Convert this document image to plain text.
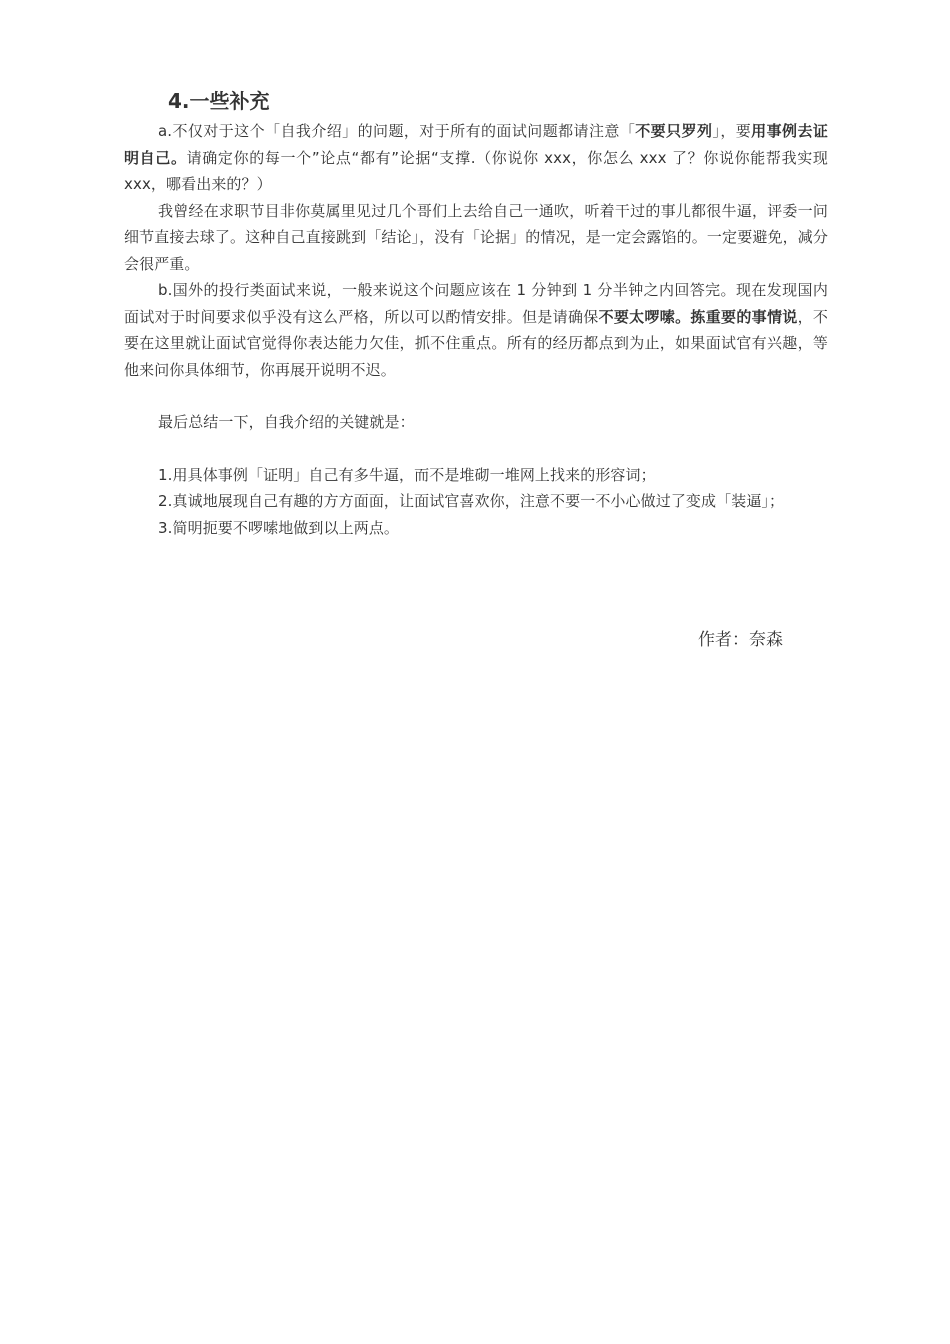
4.一些补充

a.不仅对于这个「自我介绍」的问题，对于所有的面试问题都请注意「不要只罗列」，要用事例去证明自己。请确定你的每一个”论点“都有”论据“支撑.（你说你 xxx，你怎么 xxx 了？你说你能帮我实现 xxx，哪看出来的？）

我曾经在求职节目非你莫属里见过几个哥们上去给自己一通吹，听着干过的事儿都很牛逼，评委一问细节直接去球了。这种自己直接跳到「结论」，没有「论据」的情况，是一定会露馅的。一定要避免，减分会很严重。

b.国外的投行类面试来说，一般来说这个问题应该在 1 分钟到 1 分半钟之内回答完。现在发现国内面试对于时间要求似乎没有这么严格，所以可以酌情安排。但是请确保不要太啰嗦。拣重要的事情说，不要在这里就让面试官觉得你表达能力欠佳，抓不住重点。所有的经历都点到为止，如果面试官有兴趣，等他来问你具体细节，你再展开说明不迟。

最后总结一下，自我介绍的关键就是：

1.用具体事例「证明」自己有多牛逼，而不是堆砌一堆网上找来的形容词；

2.真诚地展现自己有趣的方方面面，让面试官喜欢你，注意不要一不小心做过了变成「装逼」；

3.简明扼要不啰嗦地做到以上两点。

作者：奈森
